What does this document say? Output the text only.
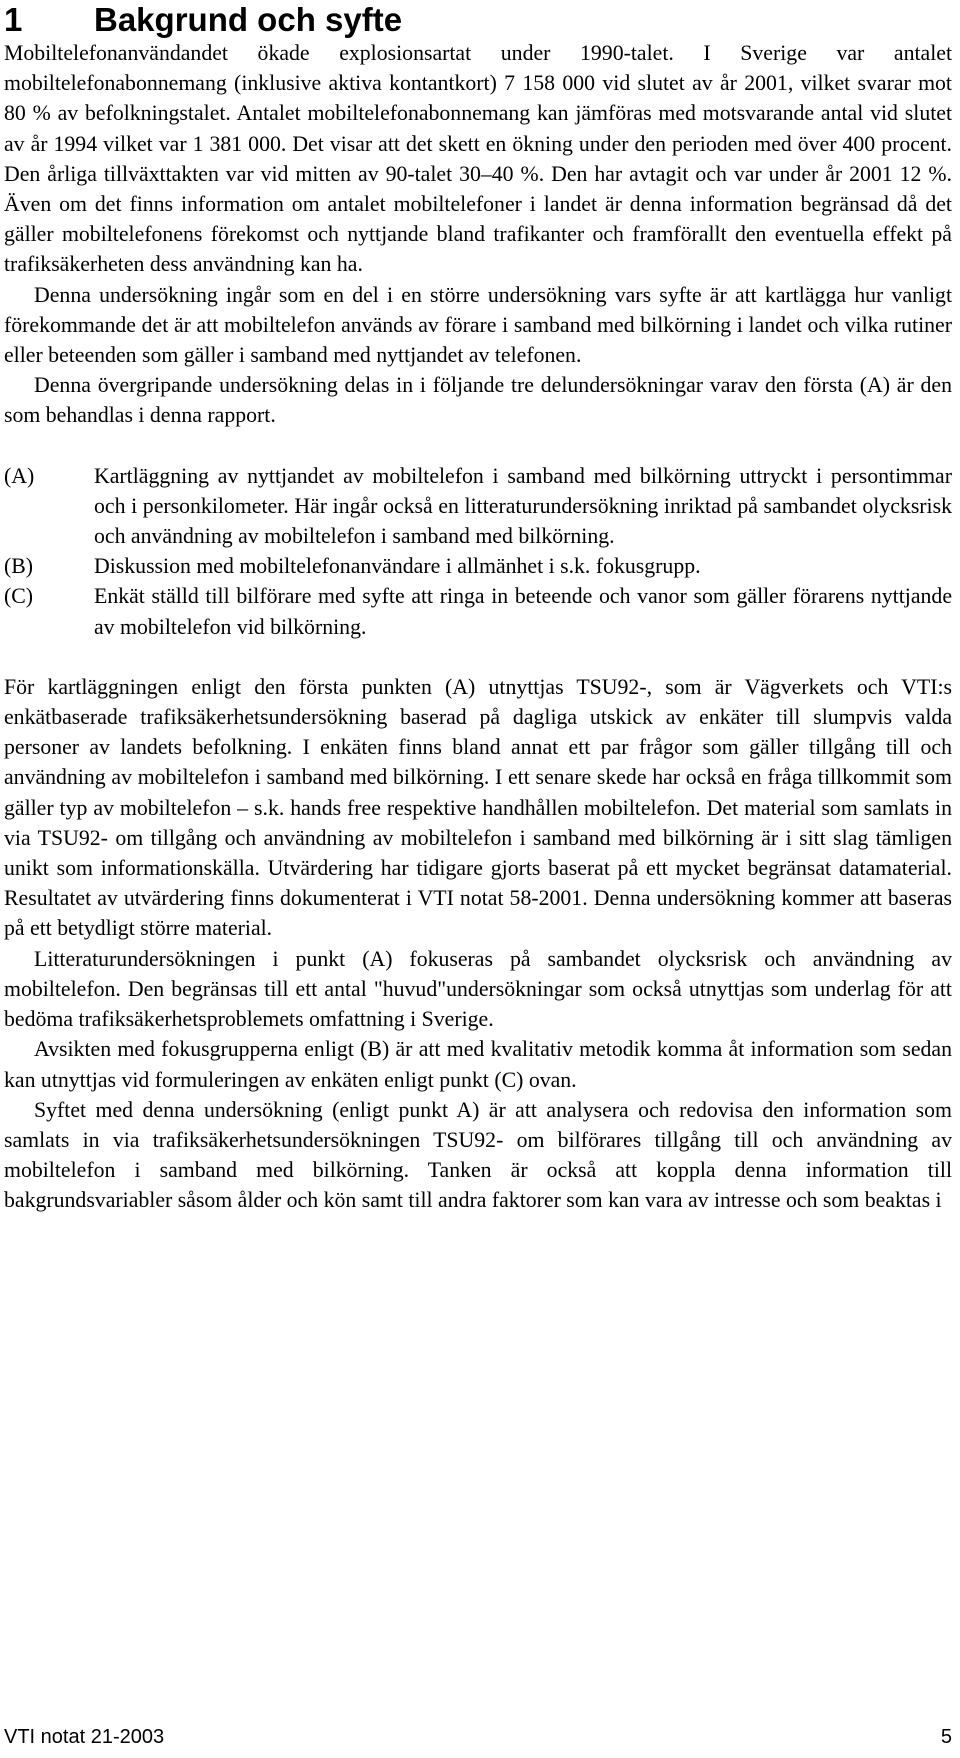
1 Bakgrund och syfte

Mobiltelefonanvändandet ökade explosionsartat under 1990-talet. I Sverige var antalet mobiltelefonabonnemang (inklusive aktiva kontantkort) 7 158 000 vid slutet av år 2001, vilket svarar mot 80 % av befolkningstalet. Antalet mobiltelefonabonnemang kan jämföras med motsvarande antal vid slutet av år 1994 vilket var 1 381 000. Det visar att det skett en ökning under den perioden med över 400 procent. Den årliga tillväxttakten var vid mitten av 90-talet 30–40 %. Den har avtagit och var under år 2001 12 %. Även om det finns information om antalet mobiltelefoner i landet är denna information begränsad då det gäller mobiltelefonens förekomst och nyttjande bland trafikanter och framförallt den eventuella effekt på trafiksäkerheten dess användning kan ha.

Denna undersökning ingår som en del i en större undersökning vars syfte är att kartlägga hur vanligt förekommande det är att mobiltelefon används av förare i samband med bilkörning i landet och vilka rutiner eller beteenden som gäller i samband med nyttjandet av telefonen.

Denna övergripande undersökning delas in i följande tre delundersökningar varav den första (A) är den som behandlas i denna rapport.

(A)	Kartläggning av nyttjandet av mobiltelefon i samband med bilkörning uttryckt i persontimmar och i personkilometer. Här ingår också en litteraturundersökning inriktad på sambandet olycksrisk och användning av mobiltelefon i samband med bilkörning.
(B)	Diskussion med mobiltelefonanvändare i allmänhet i s.k. fokusgrupp.
(C)	Enkät ställd till bilförare med syfte att ringa in beteende och vanor som gäller förarens nyttjande av mobiltelefon vid bilkörning.

För kartläggningen enligt den första punkten (A) utnyttjas TSU92-, som är Vägverkets och VTI:s enkätbaserade trafiksäkerhetsundersökning baserad på dagliga utskick av enkäter till slumpvis valda personer av landets befolkning. I enkäten finns bland annat ett par frågor som gäller tillgång till och användning av mobiltelefon i samband med bilkörning. I ett senare skede har också en fråga tillkommit som gäller typ av mobiltelefon – s.k. hands free respektive handhållen mobiltelefon. Det material som samlats in via TSU92- om tillgång och användning av mobiltelefon i samband med bilkörning är i sitt slag tämligen unikt som informationskälla. Utvärdering har tidigare gjorts baserat på ett mycket begränsat datamaterial. Resultatet av utvärdering finns dokumenterat i VTI notat 58-2001. Denna undersökning kommer att baseras på ett betydligt större material.

Litteraturundersökningen i punkt (A) fokuseras på sambandet olycksrisk och användning av mobiltelefon. Den begränsas till ett antal "huvud"undersökningar som också utnyttjas som underlag för att bedöma trafiksäkerhetsproblemets omfattning i Sverige.

Avsikten med fokusgrupperna enligt (B) är att med kvalitativ metodik komma åt information som sedan kan utnyttjas vid formuleringen av enkäten enligt punkt (C) ovan.

Syftet med denna undersökning (enligt punkt A) är att analysera och redovisa den information som samlats in via trafiksäkerhetsundersökningen TSU92- om bilförares tillgång till och användning av mobiltelefon i samband med bilkörning. Tanken är också att koppla denna information till bakgrundsvariabler såsom ålder och kön samt till andra faktorer som kan vara av intresse och som beaktas i

VTI notat 21-2003	5
